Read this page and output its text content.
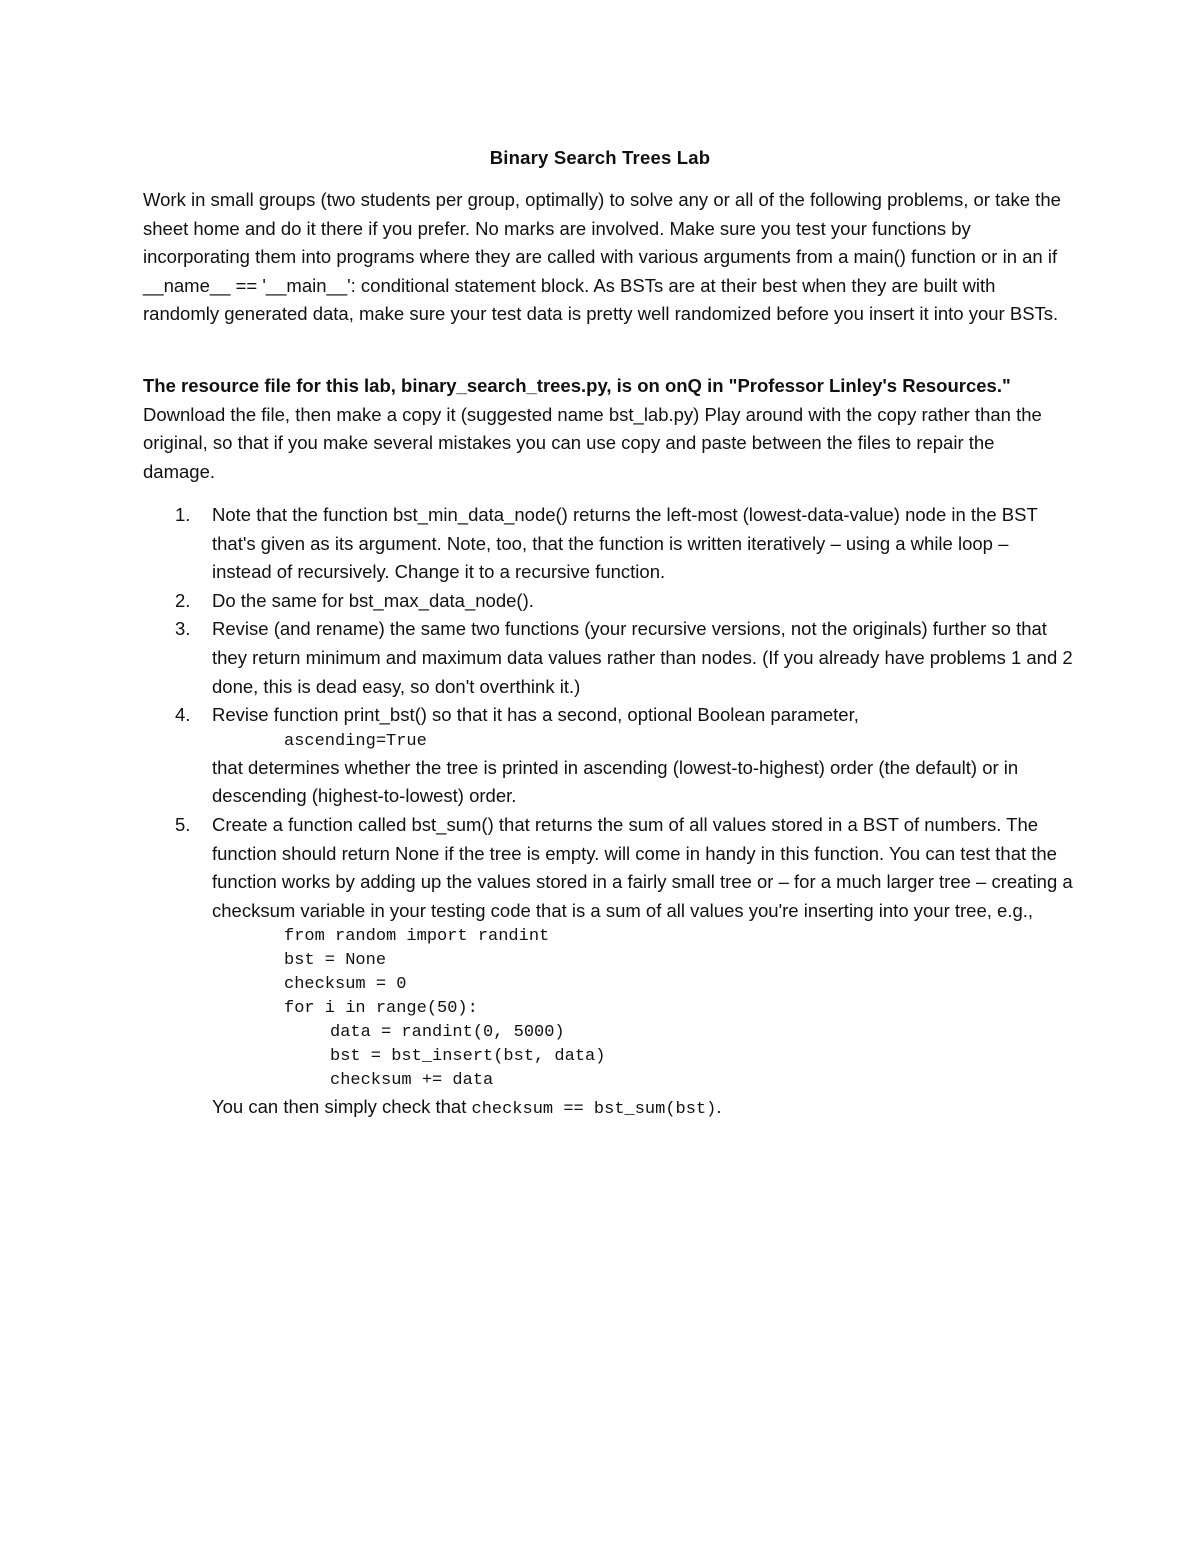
Binary Search Trees Lab
Work in small groups (two students per group, optimally) to solve any or all of the following problems, or take the sheet home and do it there if you prefer. No marks are involved. Make sure you test your functions by incorporating them into programs where they are called with various arguments from a main() function or in an if __name__ == '__main__': conditional statement block. As BSTs are at their best when they are built with randomly generated data, make sure your test data is pretty well randomized before you insert it into your BSTs.
The resource file for this lab, binary_search_trees.py, is on onQ in "Professor Linley's Resources." Download the file, then make a copy it (suggested name bst_lab.py) Play around with the copy rather than the original, so that if you make several mistakes you can use copy and paste between the files to repair the damage.
1. Note that the function bst_min_data_node() returns the left-most (lowest-data-value) node in the BST that's given as its argument. Note, too, that the function is written iteratively – using a while loop – instead of recursively. Change it to a recursive function.
2. Do the same for bst_max_data_node().
3. Revise (and rename) the same two functions (your recursive versions, not the originals) further so that they return minimum and maximum data values rather than nodes. (If you already have problems 1 and 2 done, this is dead easy, so don't overthink it.)
4. Revise function print_bst() so that it has a second, optional Boolean parameter,
ascending=True
that determines whether the tree is printed in ascending (lowest-to-highest) order (the default) or in descending (highest-to-lowest) order.
5. Create a function called bst_sum() that returns the sum of all values stored in a BST of numbers. The function should return None if the tree is empty. will come in handy in this function. You can test that the function works by adding up the values stored in a fairly small tree or – for a much larger tree – creating a checksum variable in your testing code that is a sum of all values you're inserting into your tree, e.g.,
from random import randint
bst = None
checksum = 0
for i in range(50):
data = randint(0, 5000)
bst = bst_insert(bst, data)
checksum += data
You can then simply check that checksum == bst_sum(bst).
